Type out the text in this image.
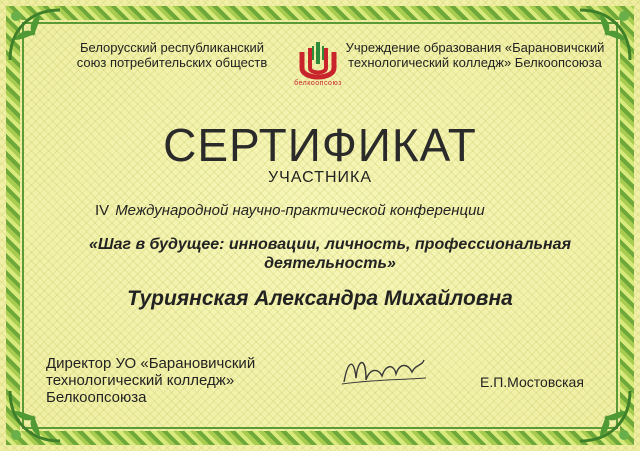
Белорусский республиканский союз потребительских обществ
белкоопсоюз
Учреждение образования «Барановичский технологический колледж» Белкоопсоюза
СЕРТИФИКАТ
УЧАСТНИКА
IV Международной научно-практической конференции
«Шаг в будущее: инновации, личность, профессиональная деятельность»
Туриянская Александра Михайловна
Директор УО «Барановичский технологический колледж» Белкоопсоюза
Е.П.Мостовская
